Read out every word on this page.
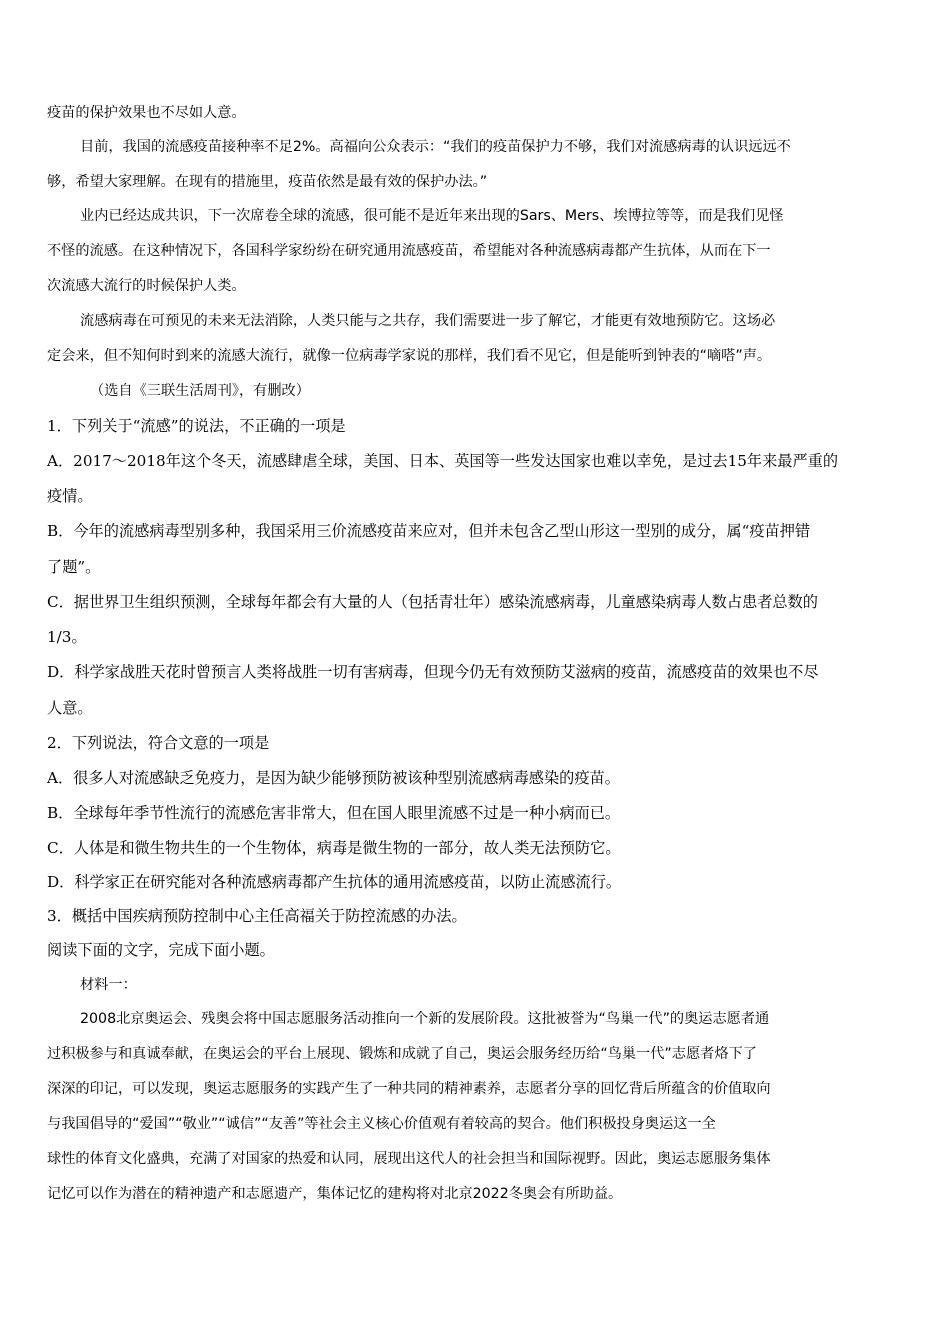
疫苗的保护效果也不尽如人意。
目前，我国的流感疫苗接种率不足2%。高福向公众表示：“我们的疫苗保护力不够，我们对流感病毒的认识远远不
够，希望大家理解。在现有的措施里，疫苗依然是最有效的保护办法。”
业内已经达成共识，下一次席卷全球的流感，很可能不是近年来出现的Sars、Mers、埃博拉等等，而是我们见怪
不怪的流感。在这种情况下，各国科学家纷纷在研究通用流感疫苗，希望能对各种流感病毒都产生抗体，从而在下一
次流感大流行的时候保护人类。
流感病毒在可预见的未来无法消除，人类只能与之共存，我们需要进一步了解它，才能更有效地预防它。这场必
定会来，但不知何时到来的流感大流行，就像一位病毒学家说的那样，我们看不见它，但是能听到钟表的“嘀嗒”声。
（选自《三联生活周刊》，有删改）
1．下列关于“流感”的说法，不正确的一项是
A．2017～2018年这个冬天，流感肆虐全球，美国、日本、英国等一些发达国家也难以幸免，是过去15年来最严重的
疫情。
B．今年的流感病毒型别多种，我国采用三价流感疫苗来应对，但并未包含乙型山形这一型别的成分，属“疫苗押错
了题”。
C．据世界卫生组织预测，全球每年都会有大量的人（包括青壮年）感染流感病毒，儿童感染病毒人数占患者总数的
1/3。
D．科学家战胜天花时曾预言人类将战胜一切有害病毒，但现今仍无有效预防艾滋病的疫苗，流感疫苗的效果也不尽
人意。
2．下列说法，符合文意的一项是
A．很多人对流感缺乏免疫力，是因为缺少能够预防被该种型别流感病毒感染的疫苗。
B．全球每年季节性流行的流感危害非常大，但在国人眼里流感不过是一种小病而已。
C．人体是和微生物共生的一个生物体，病毒是微生物的一部分，故人类无法预防它。
D．科学家正在研究能对各种流感病毒都产生抗体的通用流感疫苗，以防止流感流行。
3．概括中国疾病预防控制中心主任高福关于防控流感的办法。
阅读下面的文字，完成下面小题。
材料一：
2008北京奥运会、残奥会将中国志愿服务活动推向一个新的发展阶段。这批被誉为“鸟巢一代”的奥运志愿者通
过积极参与和真诚奉献，在奥运会的平台上展现、锻炼和成就了自己，奥运会服务经历给“鸟巢一代”志愿者烙下了
深深的印记，可以发现，奥运志愿服务的实践产生了一种共同的精神素养，志愿者分享的回忆背后所蕴含的价值取向
与我国倡导的“爱国”“敬业”“诚信”“友善”等社会主义核心价值观有着较高的契合。他们积极投身奥运这一全
球性的体育文化盛典，充满了对国家的热爱和认同，展现出这代人的社会担当和国际视野。因此，奥运志愿服务集体
记忆可以作为潜在的精神遗产和志愿遗产，集体记忆的建构将对北京2022冬奥会有所助益。
